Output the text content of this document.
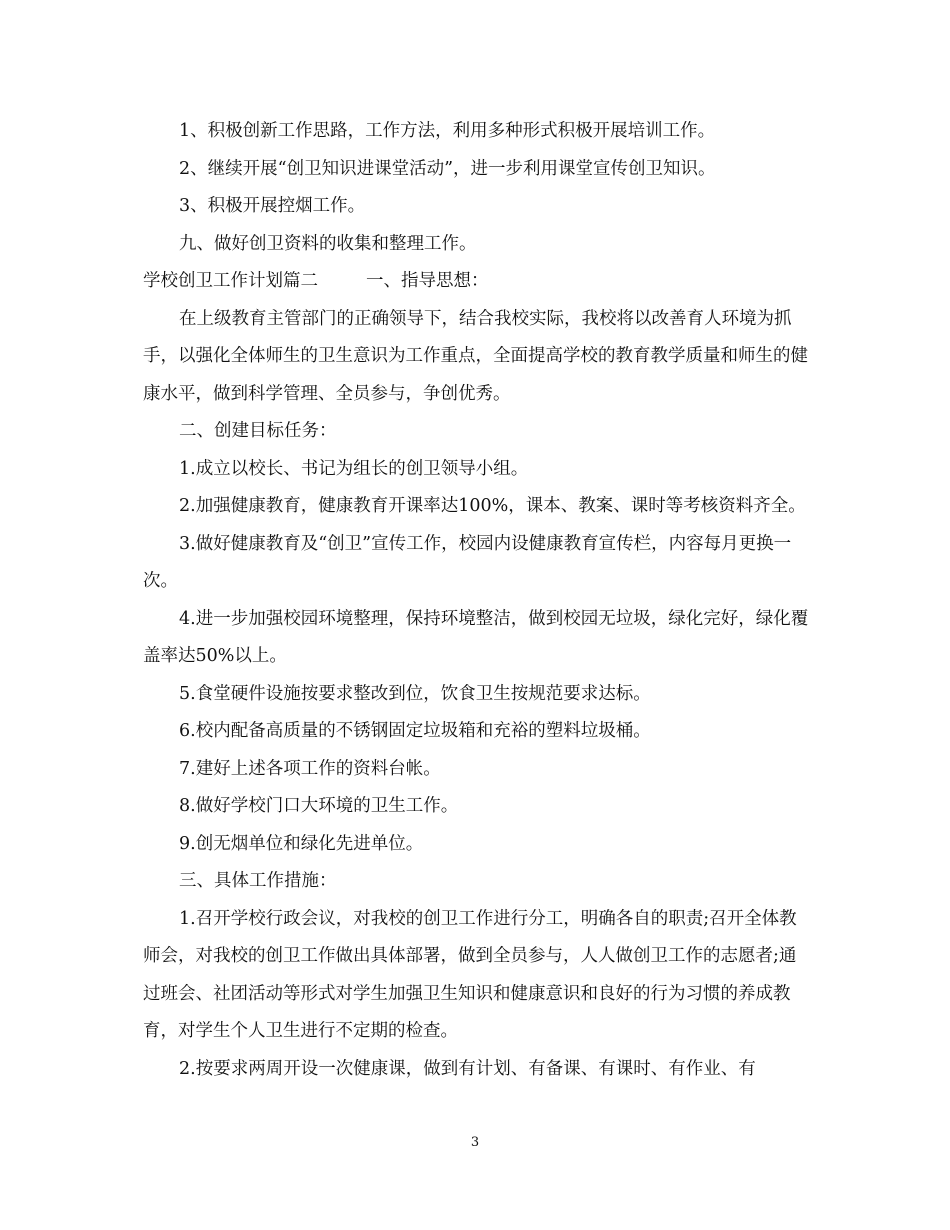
1、积极创新工作思路，工作方法，利用多种形式积极开展培训工作。

2、继续开展“创卫知识进课堂活动”，进一步利用课堂宣传创卫知识。

3、积极开展控烟工作。

九、做好创卫资料的收集和整理工作。

学校创卫工作计划篇二	一、指导思想：

在上级教育主管部门的正确领导下，结合我校实际，我校将以改善育人环境为抓手，以强化全体师生的卫生意识为工作重点，全面提高学校的教育教学质量和师生的健康水平，做到科学管理、全员参与，争创优秀。

二、创建目标任务：

1.成立以校长、书记为组长的创卫领导小组。

2.加强健康教育，健康教育开课率达100%，课本、教案、课时等考核资料齐全。

3.做好健康教育及“创卫”宣传工作，校园内设健康教育宣传栏，内容每月更换一次。

4.进一步加强校园环境整理，保持环境整洁，做到校园无垃圾，绿化完好，绿化覆盖率达50%以上。

5.食堂硬件设施按要求整改到位，饮食卫生按规范要求达标。

6.校内配备高质量的不锈钢固定垃圾箱和充裕的塑料垃圾桶。

7.建好上述各项工作的资料台帐。

8.做好学校门口大环境的卫生工作。

9.创无烟单位和绿化先进单位。

三、具体工作措施：

1.召开学校行政会议，对我校的创卫工作进行分工，明确各自的职责;召开全体教师会，对我校的创卫工作做出具体部署，做到全员参与，人人做创卫工作的志愿者;通过班会、社团活动等形式对学生加强卫生知识和健康意识和良好的行为习惯的养成教育，对学生个人卫生进行不定期的检查。

2.按要求两周开设一次健康课，做到有计划、有备课、有课时、有作业、有

3
